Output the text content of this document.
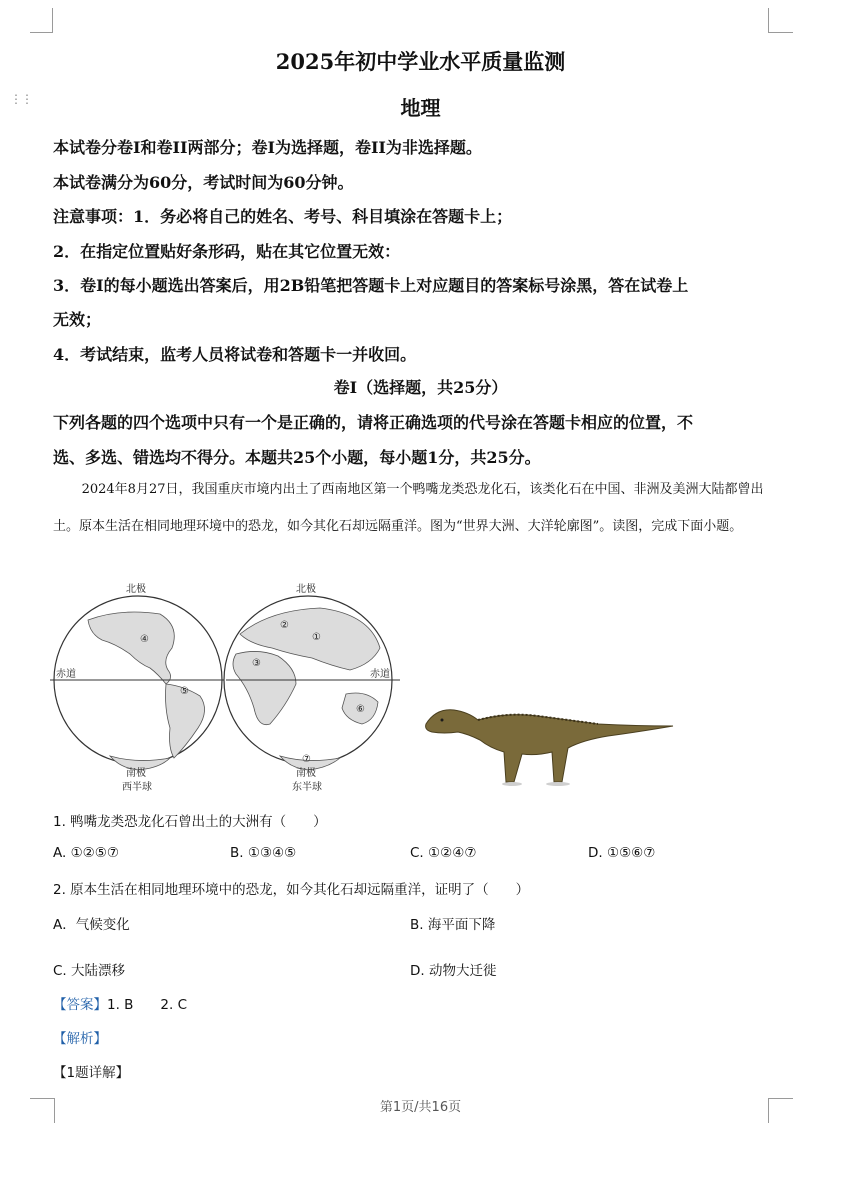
⋮⋮
2025年初中学业水平质量监测
地理
本试卷分卷I和卷II两部分；卷I为选择题，卷II为非选择题。
本试卷满分为60分，考试时间为60分钟。
注意事项：1．务必将自己的姓名、考号、科目填涂在答题卡上；
2．在指定位置贴好条形码，贴在其它位置无效：
3．卷I的每小题选出答案后，用2B铅笔把答题卡上对应题目的答案标号涂黑，答在试卷上
无效；
4．考试结束，监考人员将试卷和答题卡一并收回。
卷I（选择题，共25分）
下列各题的四个选项中只有一个是正确的，请将正确选项的代号涂在答题卡相应的位置，不
选、多选、错选均不得分。本题共25个小题，每小题1分，共25分。
2024年8月27日，我国重庆市境内出土了西南地区第一个鸭嘴龙类恐龙化石，该类化石在中国、非洲及美洲大陆都曾出土。原本生活在相同地理环境中的恐龙，如今其化石却远隔重洋。图为“世界大洲、大洋轮廓图”。读图，完成下面小题。
④
⑤
②
①
③
⑥
⑦
北极	北极
赤道	赤道
南极
西半球
南极
东半球
1. 鸭嘴龙类恐龙化石曾出土的大洲有（　　）
A. ①②⑤⑦	B. ①③④⑤	C. ①②④⑦	D. ①⑤⑥⑦
2. 原本生活在相同地理环境中的恐龙，如今其化石却远隔重洋，证明了（　　）
A．气候变化	B. 海平面下降
C. 大陆漂移	D. 动物大迁徙
【答案】1. B　　2. C
【解析】
【1题详解】
第1页/共16页
